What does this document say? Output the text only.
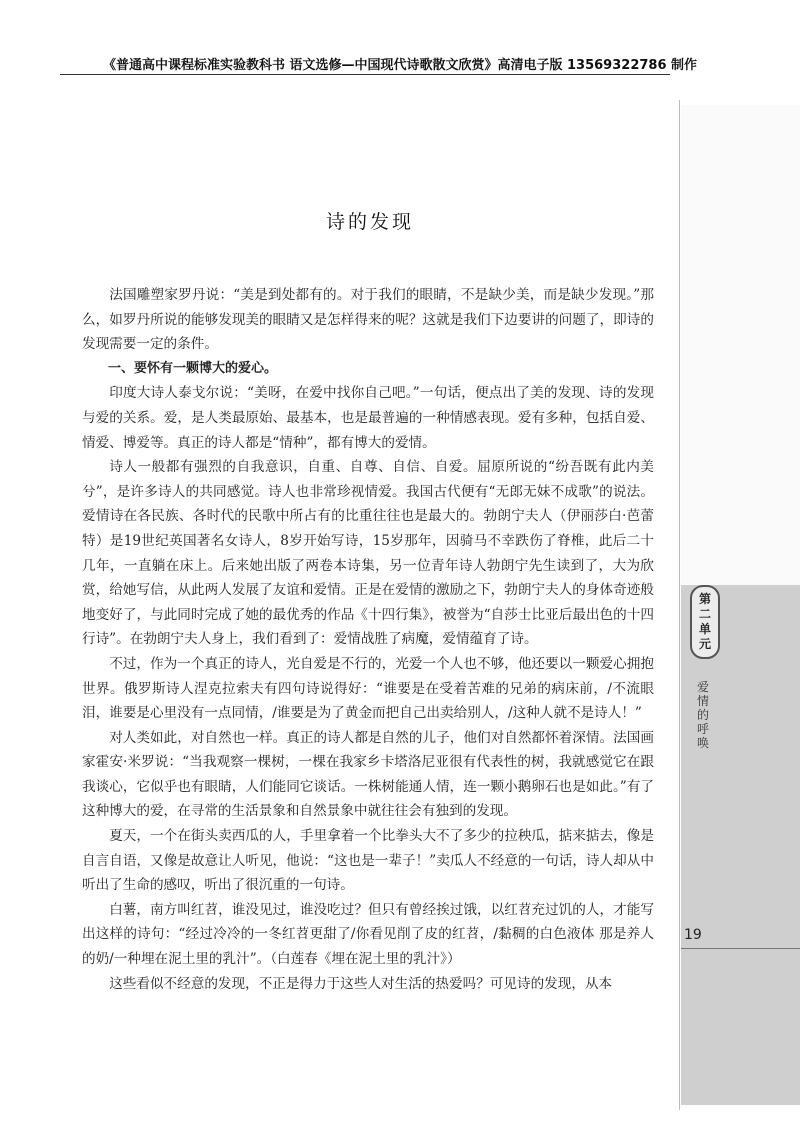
《普通高中课程标准实验教科书 语文选修—中国现代诗歌散文欣赏》高清电子版 13569322786 制作
第
二
单
元
爱
情
的
呼
唤
19
诗的发现

法国雕塑家罗丹说：“美是到处都有的。对于我们的眼睛，不是缺少美，而是缺少发现。”那么，如罗丹所说的能够发现美的眼睛又是怎样得来的呢？这就是我们下边要讲的问题了，即诗的发现需要一定的条件。

一、要怀有一颗博大的爱心。

印度大诗人泰戈尔说：“美呀，在爱中找你自己吧。”一句话，便点出了美的发现、诗的发现与爱的关系。爱，是人类最原始、最基本，也是最普遍的一种情感表现。爱有多种，包括自爱、情爱、博爱等。真正的诗人都是“情种”，都有博大的爱情。

诗人一般都有强烈的自我意识，自重、自尊、自信、自爱。屈原所说的“纷吾既有此内美兮”，是许多诗人的共同感觉。诗人也非常珍视情爱。我国古代便有“无郎无妹不成歌”的说法。爱情诗在各民族、各时代的民歌中所占有的比重往往也是最大的。勃朗宁夫人（伊丽莎白·芭蕾特）是19世纪英国著名女诗人，8岁开始写诗，15岁那年，因骑马不幸跌伤了脊椎，此后二十几年，一直躺在床上。后来她出版了两卷本诗集，另一位青年诗人勃朗宁先生读到了，大为欣赏，给她写信，从此两人发展了友谊和爱情。正是在爱情的激励之下，勃朗宁夫人的身体奇迹般地变好了，与此同时完成了她的最优秀的作品《十四行集》，被誉为“自莎士比亚后最出色的十四行诗”。在勃朗宁夫人身上，我们看到了：爱情战胜了病魔，爱情蕴育了诗。

不过，作为一个真正的诗人，光自爱是不行的，光爱一个人也不够，他还要以一颗爱心拥抱世界。俄罗斯诗人涅克拉索夫有四句诗说得好：“谁要是在受着苦难的兄弟的病床前，/不流眼泪，谁要是心里没有一点同情，/谁要是为了黄金而把自己出卖给别人，/这种人就不是诗人！”

对人类如此，对自然也一样。真正的诗人都是自然的儿子，他们对自然都怀着深情。法国画家霍安·米罗说：“当我观察一棵树，一棵在我家乡卡塔洛尼亚很有代表性的树，我就感觉它在跟我谈心，它似乎也有眼睛，人们能同它谈话。一株树能通人情，连一颗小鹅卵石也是如此。”有了这种博大的爱，在寻常的生活景象和自然景象中就往往会有独到的发现。

夏天，一个在街头卖西瓜的人，手里拿着一个比拳头大不了多少的拉秧瓜，掂来掂去，像是自言自语，又像是故意让人听见，他说：“这也是一辈子！”卖瓜人不经意的一句话，诗人却从中听出了生命的感叹，听出了很沉重的一句诗。

白薯，南方叫红苕，谁没见过，谁没吃过？但只有曾经挨过饿，以红苕充过饥的人，才能写出这样的诗句：“经过冷冷的一冬红苕更甜了/你看见削了皮的红苕，/黏稠的白色液体 那是养人的奶/一种埋在泥土里的乳汁”。（白莲春《埋在泥土里的乳汁》）

这些看似不经意的发现，不正是得力于这些人对生活的热爱吗？可见诗的发现，从本
